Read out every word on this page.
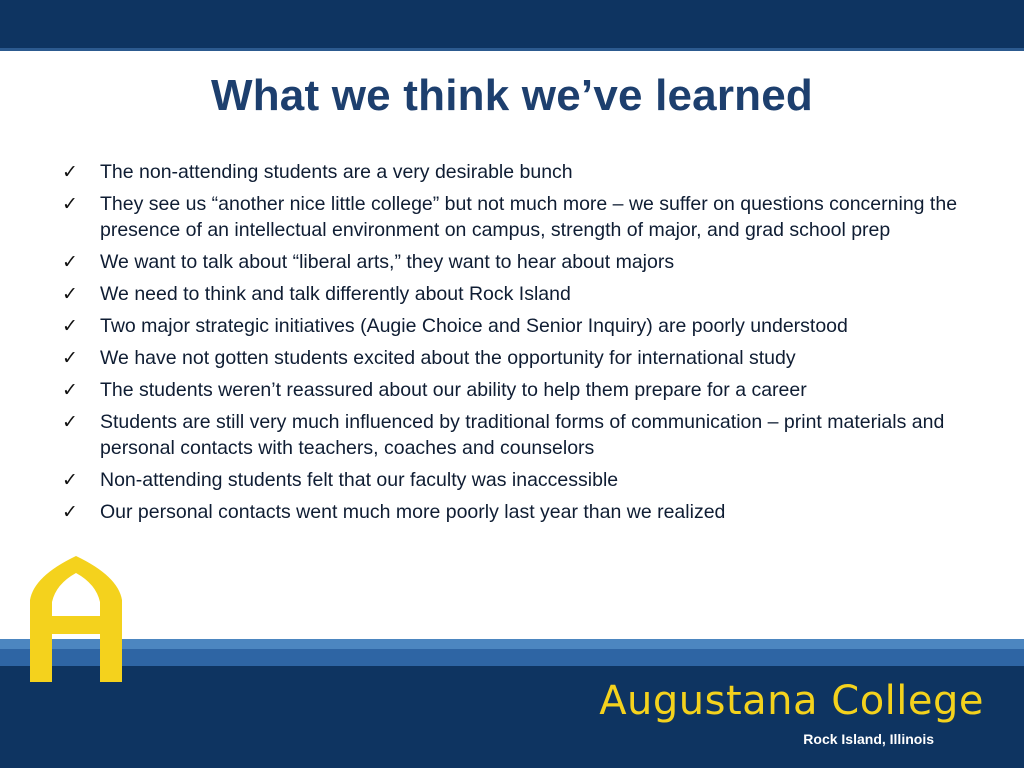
What we think we’ve learned
✓	The non-attending students are a very desirable bunch
✓	They see us “another nice little college” but not much more – we suffer on questions concerning the presence of an intellectual environment on campus, strength of major, and grad school prep
✓	We want to talk about “liberal arts,” they want to hear about majors
✓	We need to think and talk differently about Rock Island
✓	Two major strategic initiatives (Augie Choice and Senior Inquiry) are poorly understood
✓	We have not gotten students excited about the opportunity for international study
✓	The students weren’t reassured about our ability to help them prepare for a career
✓	Students are still very much influenced by traditional forms of communication – print materials and personal contacts with teachers, coaches and counselors
✓	Non-attending students felt that our faculty was inaccessible
✓	Our personal contacts went much more poorly last year than we realized
Augustana College
Rock Island, Illinois
